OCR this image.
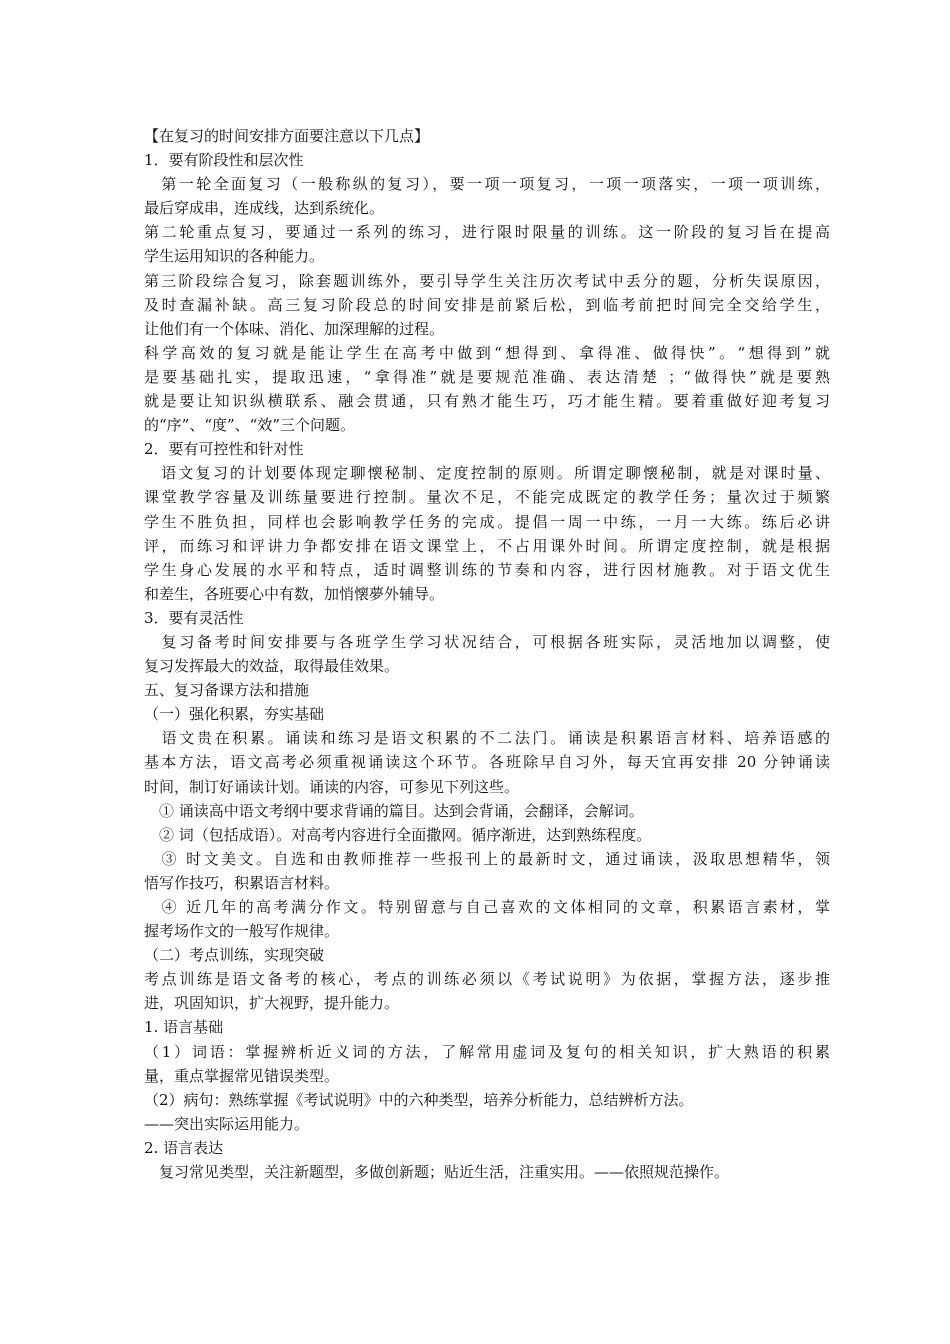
【在复习的时间安排方面要注意以下几点】
1．要有阶段性和层次性
　第一轮全面复习（一般称纵的复习），要一项一项复习，一项一项落实，一项一项训练，
最后穿成串，连成线，达到系统化。
第二轮重点复习，要通过一系列的练习，进行限时限量的训练。这一阶段的复习旨在提高
学生运用知识的各种能力。
第三阶段综合复习，除套题训练外，要引导学生关注历次考试中丢分的题，分析失误原因，
及时查漏补缺。高三复习阶段总的时间安排是前紧后松，到临考前把时间完全交给学生，
让他们有一个体味、消化、加深理解的过程。
科学高效的复习就是能让学生在高考中做到“想得到、拿得准、做得快”。“想得到”就
是要基础扎实，提取迅速，“拿得准”就是要规范准确、表达清楚 ；“做得快”就是要熟
就是要让知识纵横联系、融会贯通，只有熟才能生巧，巧才能生精。要着重做好迎考复习
的“序”、“度”、“效”三个问题。
2．要有可控性和针对性
　语文复习的计划要体现定聊懐秘制、定度控制的原则。所谓定聊懐秘制，就是对课时量、
课堂教学容量及训练量要进行控制。量次不足，不能完成既定的教学任务；量次过于频繁
学生不胜负担，同样也会影响教学任务的完成。提倡一周一中练，一月一大练。练后必讲
评，而练习和评讲力争都安排在语文课堂上，不占用课外时间。所谓定度控制，就是根据
学生身心发展的水平和特点，适时调整训练的节奏和内容，进行因材施教。对于语文优生
和差生，各班要心中有数，加悄懐夢外辅导。
3．要有灵活性
　复习备考时间安排要与各班学生学习状况结合，可根据各班实际，灵活地加以调整，使
复习发挥最大的效益，取得最佳效果。
五、复习备课方法和措施
（一）强化积累，夯实基础
　语文贵在积累。诵读和练习是语文积累的不二法门。诵读是积累语言材料、培养语感的
基本方法，语文高考必须重视诵读这个环节。各班除早自习外，每天宜再安排 20 分钟诵读
时间，制订好诵读计划。诵读的内容，可参见下列这些。
　① 诵读高中语文考纲中要求背诵的篇目。达到会背诵，会翻译，会解词。
　② 词（包括成语）。对高考内容进行全面撒网。循序渐进，达到熟练程度。
　③ 时文美文。自选和由教师推荐一些报刊上的最新时文，通过诵读，汲取思想精华，领
悟写作技巧，积累语言材料。
　④ 近几年的高考满分作文。特别留意与自己喜欢的文体相同的文章，积累语言素材，掌
握考场作文的一般写作规律。
（二）考点训练，实现突破
考点训练是语文备考的核心，考点的训练必须以《考试说明》为依据，掌握方法，逐步推
进，巩固知识，扩大视野，提升能力。
1. 语言基础
（1）词语：掌握辨析近义词的方法，了解常用虚词及复句的相关知识，扩大熟语的积累
量，重点掌握常见错误类型。
（2）病句：熟练掌握《考试说明》中的六种类型，培养分析能力，总结辨析方法。
——突出实际运用能力。
2. 语言表达
　复习常见类型，关注新题型，多做创新题；贴近生活，注重实用。——依照规范操作。
